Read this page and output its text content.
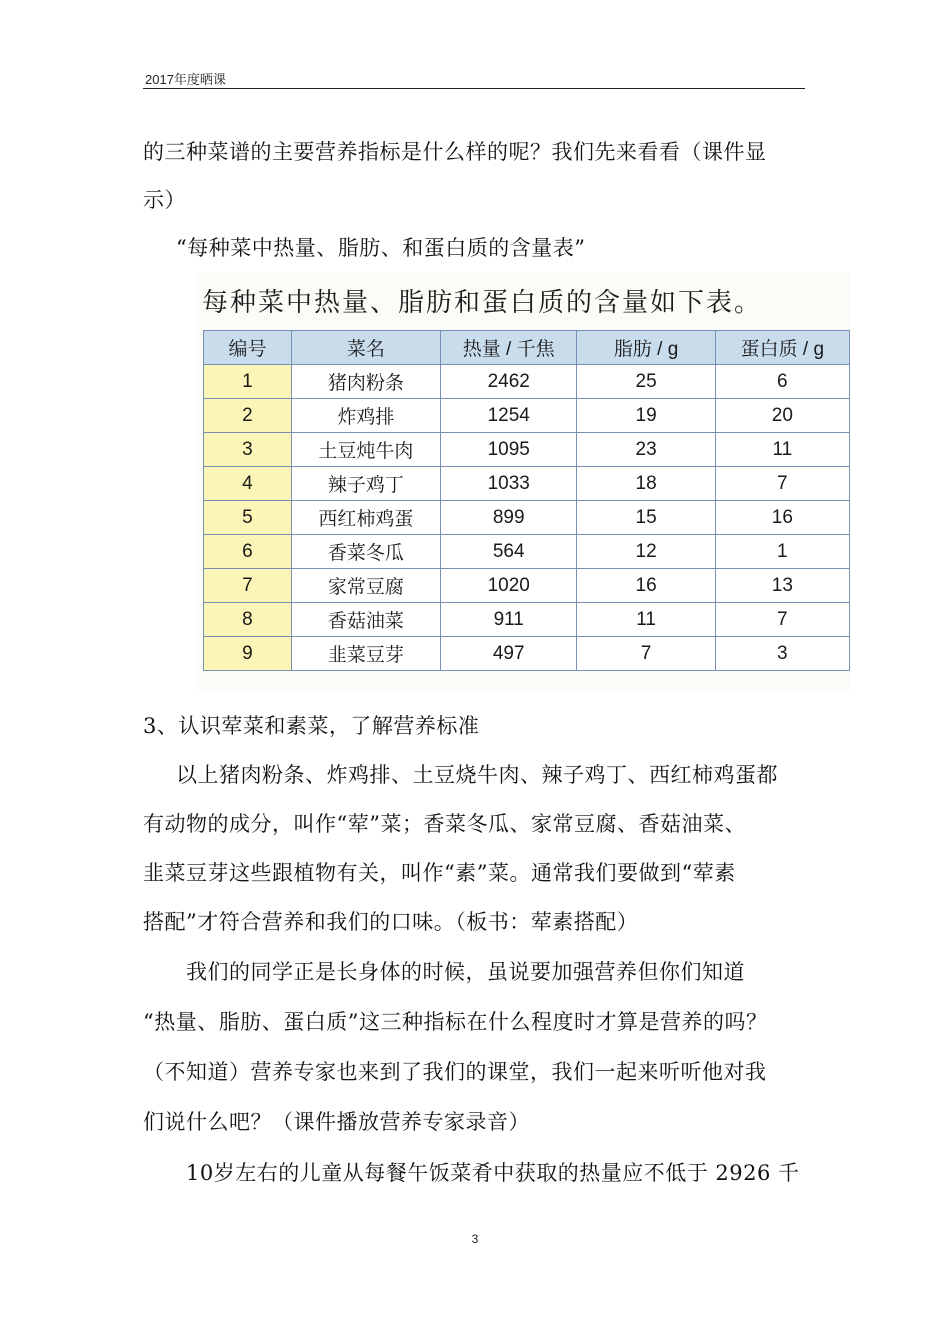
2017年度晒课
的三种菜谱的主要营养指标是什么样的呢？我们先来看看（课件显
示）
“每种菜中热量、脂肪、和蛋白质的含量表”
每种菜中热量、脂肪和蛋白质的含量如下表。
编号	菜名	热量 / 千焦	脂肪 / g	蛋白质 / g
1	猪肉粉条	2462	25	6
2	炸鸡排	1254	19	20
3	土豆炖牛肉	1095	23	11
4	辣子鸡丁	1033	18	7
5	西红柿鸡蛋	899	15	16
6	香菜冬瓜	564	12	1
7	家常豆腐	1020	16	13
8	香菇油菜	911	11	7
9	韭菜豆芽	497	7	3
3、认识荤菜和素菜，了解营养标准
以上猪肉粉条、炸鸡排、土豆烧牛肉、辣子鸡丁、西红柿鸡蛋都
有动物的成分，叫作“荤”菜；香菜冬瓜、家常豆腐、香菇油菜、
韭菜豆芽这些跟植物有关，叫作“素”菜。通常我们要做到“荤素
搭配”才符合营养和我们的口味。（板书：荤素搭配）
我们的同学正是长身体的时候，虽说要加强营养但你们知道
“热量、脂肪、蛋白质”这三种指标在什么程度时才算是营养的吗？
（不知道）营养专家也来到了我们的课堂，我们一起来听听他对我
们说什么吧？（课件播放营养专家录音）
10岁左右的儿童从每餐午饭菜肴中获取的热量应不低于 2926 千
3
